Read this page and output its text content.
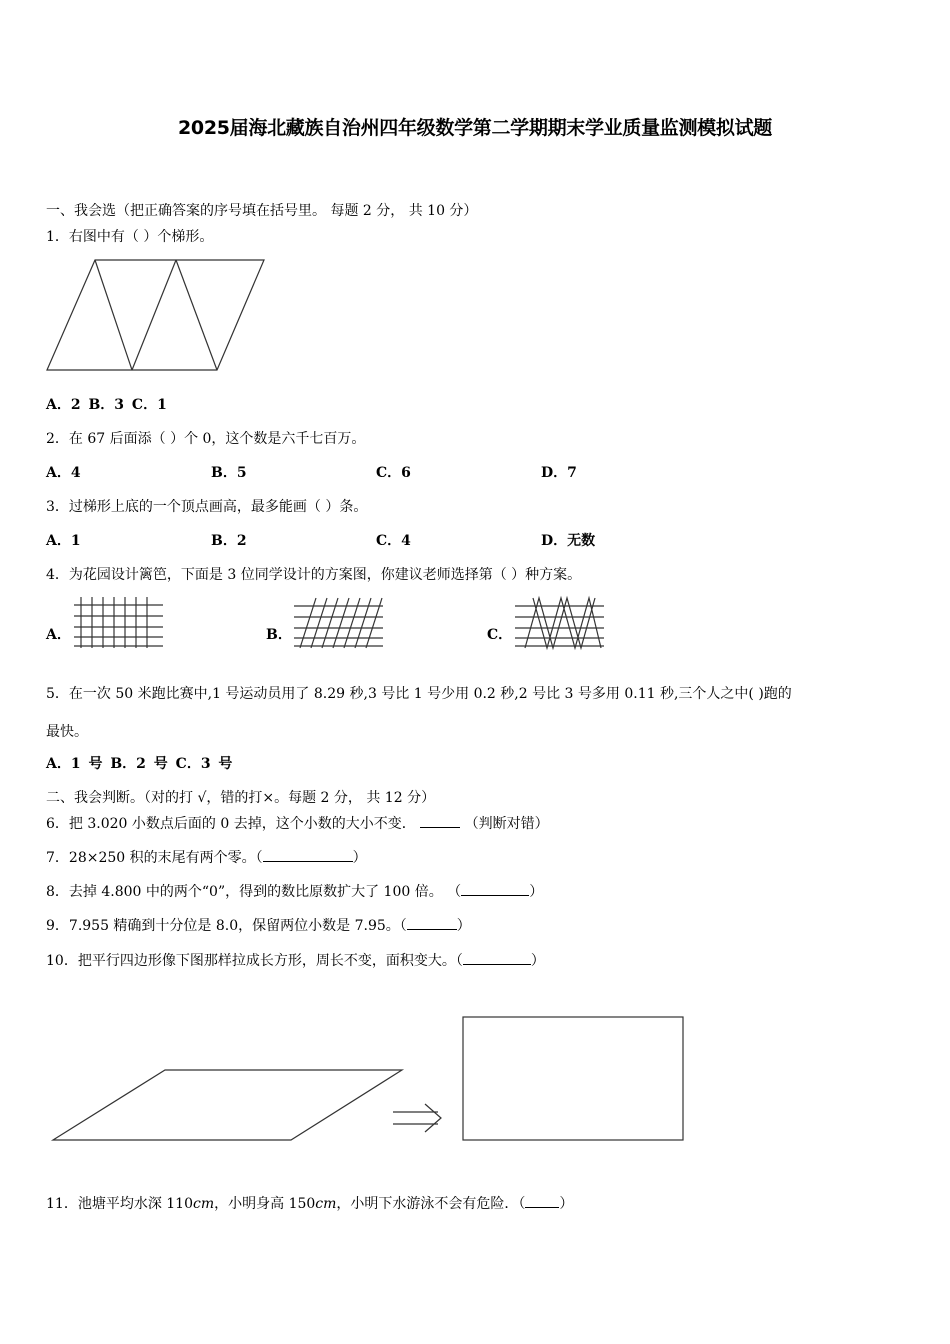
2025届海北藏族自治州四年级数学第二学期期末学业质量监测模拟试题
一、我会选（把正确答案的序号填在括号里。 每题 2 分， 共 10 分）
1．右图中有（ ）个梯形。
A．2 B．3 C．1
2．在 67 后面添（ ）个 0，这个数是六千七百万。
A．4	B．5	C．6	D．7
3．过梯形上底的一个顶点画高，最多能画（ ）条。
A．1	B．2	C．4	D．无数
4．为花园设计篱笆，下面是 3 位同学设计的方案图，你建议老师选择第（ ）种方案。
A．	B．	C．
5．在一次 50 米跑比赛中,1 号运动员用了 8.29 秒,3 号比 1 号少用 0.2 秒,2 号比 3 号多用 0.11 秒,三个人之中( )跑的
最快。
A．1 号 B．2 号 C．3 号
二、我会判断。（对的打 √，错的打×。每题 2 分， 共 12 分）
6．把 3.020 小数点后面的 0 去掉，这个小数的大小不变．	（判断对错）
7．28×250 积的末尾有两个零。（	）
8．去掉 4.800 中的两个“0”，得到的数比原数扩大了 100 倍。 （	）
9．7.955 精确到十分位是 8.0，保留两位小数是 7.95。（	）
10．把平行四边形像下图那样拉成长方形，周长不变，面积变大。（	）
11．池塘平均水深 110cm，小明身高 150cm，小明下水游泳不会有危险．（ ）
